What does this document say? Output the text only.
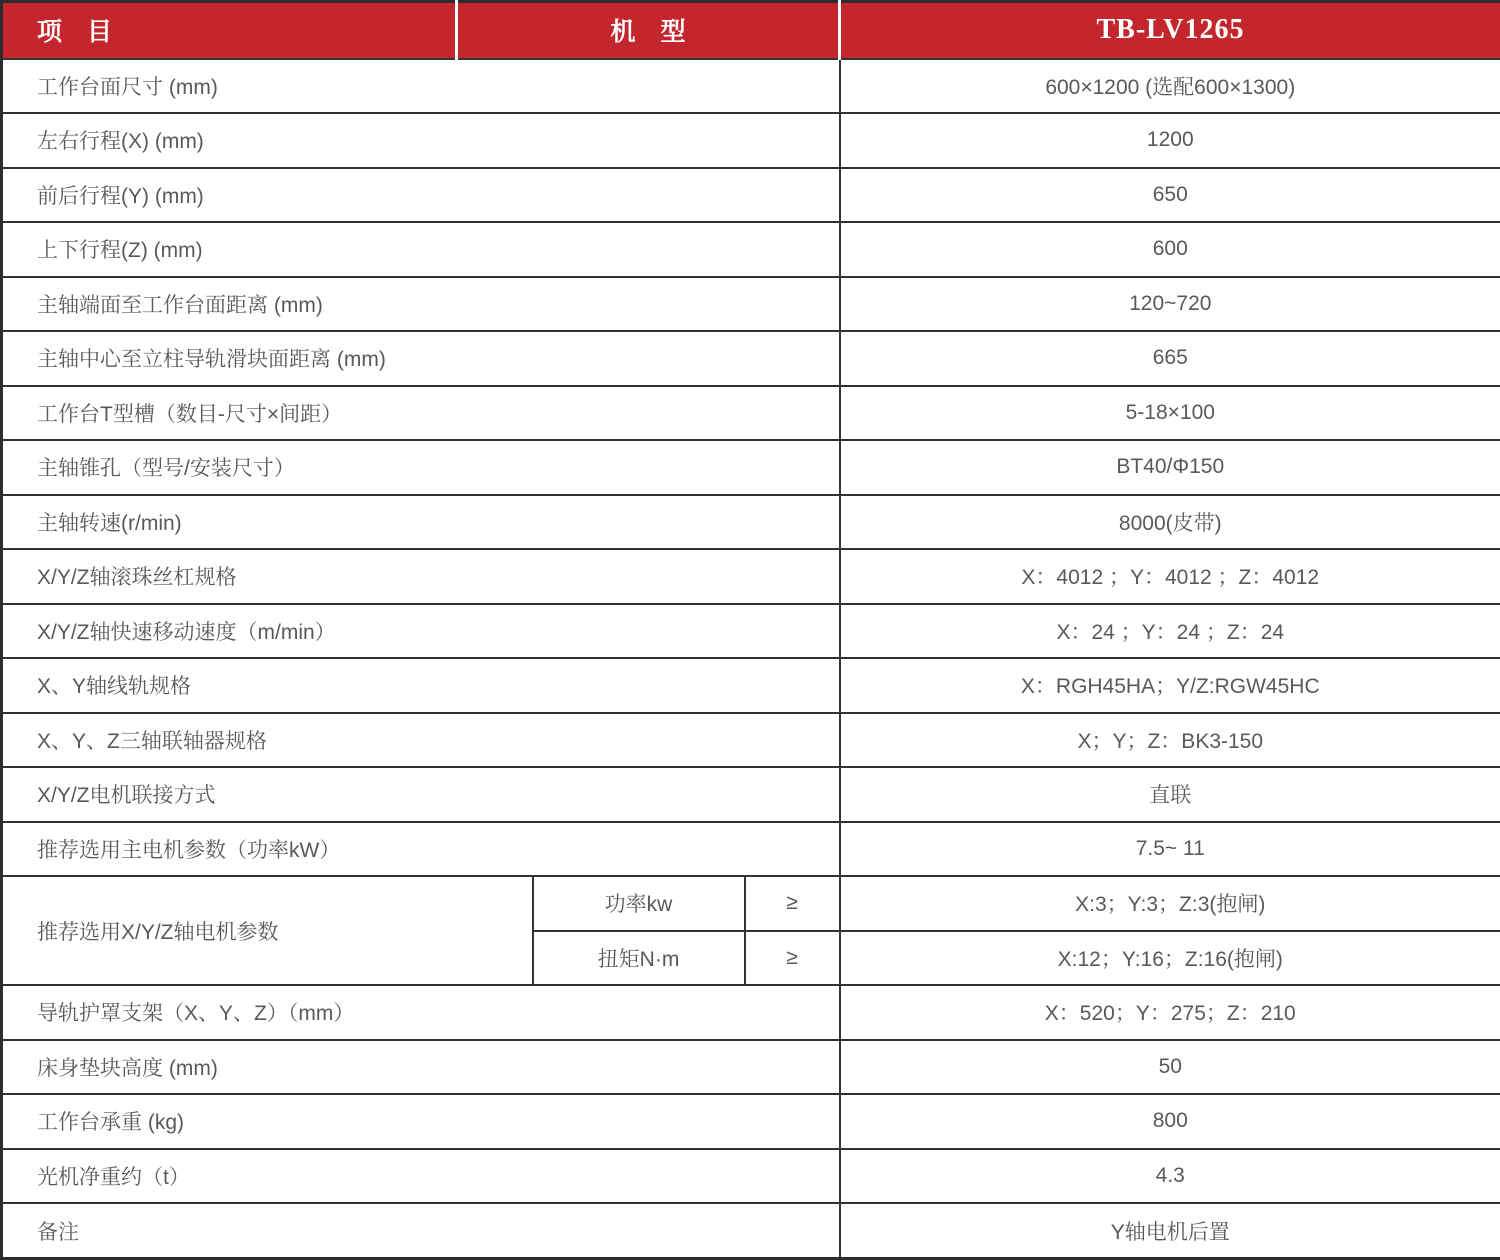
项　目	机　型			TB-LV1265
工作台面尺寸 (mm)				600×1200 (选配600×1300)
左右行程(X) (mm)				1200
前后行程(Y) (mm)				650
上下行程(Z) (mm)				600
主轴端面至工作台面距离 (mm)				120~720
主轴中心至立柱导轨滑块面距离 (mm)				665
工作台T型槽（数目-尺寸×间距）				5-18×100
主轴锥孔（型号/安装尺寸）				BT40/Φ150
主轴转速(r/min)				8000(皮带)
X/Y/Z轴滚珠丝杠规格				X：4012 ；Y：4012 ；Z：4012
X/Y/Z轴快速移动速度（m/min）				X：24 ；Y：24 ；Z：24
X、Y轴线轨规格				X：RGH45HA；Y/Z:RGW45HC
X、Y、Z三轴联轴器规格				X；Y；Z：BK3-150
X/Y/Z电机联接方式				直联
推荐选用主电机参数（功率kW）				7.5~ 11
推荐选用X/Y/Z轴电机参数		功率kw	≥	X:3；Y:3；Z:3(抱闸)
		扭矩N·m	≥	X:12；Y:16；Z:16(抱闸)
导轨护罩支架（X、Y、Z）（mm）				X：520；Y：275；Z：210
床身垫块高度 (mm)				50
工作台承重 (kg)				800
光机净重约（t）				4.3
备注				Y轴电机后置
